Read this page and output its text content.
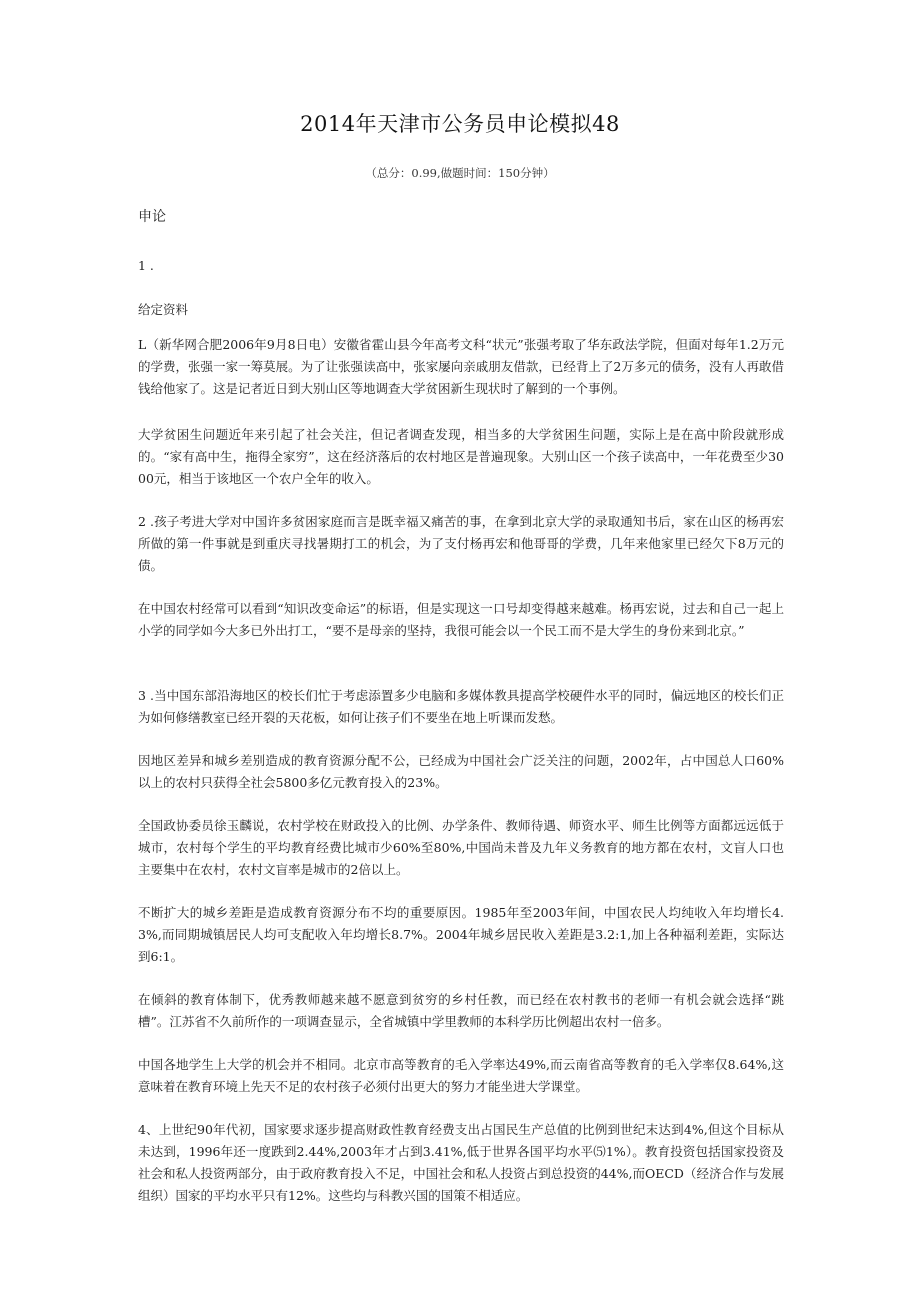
2014年天津市公务员申论模拟48
（总分：0.99,做题时间：150分钟）
申论
1 .
给定资料

L（新华网合肥2006年9月8日电）安徽省霍山县今年高考文科“状元”张强考取了华东政法学院，但面对每年1.2万元的学费，张强一家一筹莫展。为了让张强读高中，张家屡向亲戚朋友借款，已经背上了2万多元的债务，没有人再敢借钱给他家了。这是记者近日到大别山区等地调查大学贫困新生现状时了解到的一个事例。

大学贫困生问题近年来引起了社会关注，但记者调查发现，相当多的大学贫困生问题，实际上是在高中阶段就形成的。“家有高中生，拖得全家穷”，这在经济落后的农村地区是普遍现象。大别山区一个孩子读高中，一年花费至少3000元，相当于该地区一个农户全年的收入。

2 .孩子考进大学对中国许多贫困家庭而言是既幸福又痛苦的事，在拿到北京大学的录取通知书后，家在山区的杨再宏所做的第一件事就是到重庆寻找暑期打工的机会，为了支付杨再宏和他哥哥的学费，几年来他家里已经欠下8万元的债。

在中国农村经常可以看到“知识改变命运”的标语，但是实现这一口号却变得越来越难。杨再宏说，过去和自己一起上小学的同学如今大多已外出打工，“要不是母亲的坚持，我很可能会以一个民工而不是大学生的身份来到北京。”

3 .当中国东部沿海地区的校长们忙于考虑添置多少电脑和多媒体教具提高学校硬件水平的同时，偏远地区的校长们正为如何修缮教室已经开裂的天花板，如何让孩子们不要坐在地上听课而发愁。

因地区差异和城乡差别造成的教育资源分配不公，已经成为中国社会广泛关注的问题，2002年，占中国总人口60%以上的农村只获得全社会5800多亿元教育投入的23%。

全国政协委员徐玉麟说，农村学校在财政投入的比例、办学条件、教师待遇、师资水平、师生比例等方面都远远低于城市，农村每个学生的平均教育经费比城市少60%至80%,中国尚未普及九年义务教育的地方都在农村，文盲人口也主要集中在农村，农村文盲率是城市的2倍以上。

不断扩大的城乡差距是造成教育资源分布不均的重要原因。1985年至2003年间，中国农民人均纯收入年均增长4.3%,而同期城镇居民人均可支配收入年均增长8.7%。2004年城乡居民收入差距是3.2:1,加上各种福利差距，实际达到6:1。

在倾斜的教育体制下，优秀教师越来越不愿意到贫穷的乡村任教，而已经在农村教书的老师一有机会就会选择“跳槽”。江苏省不久前所作的一项调查显示，全省城镇中学里教师的本科学历比例超出农村一倍多。

中国各地学生上大学的机会并不相同。北京市高等教育的毛入学率达49%,而云南省高等教育的毛入学率仅8.64%,这意味着在教育环境上先天不足的农村孩子必须付出更大的努力才能坐进大学课堂。

4、上世纪90年代初，国家要求逐步提高财政性教育经费支出占国民生产总值的比例到世纪末达到4%,但这个目标从未达到，1996年还一度跌到2.44%,2003年才占到3.41%,低于世界各国平均水平⑸1%）。教育投资包括国家投资及社会和私人投资两部分，由于政府教育投入不足，中国社会和私人投资占到总投资的44%,而OECD（经济合作与发展组织）国家的平均水平只有12%。这些均与科教兴国的国策不相适应。
